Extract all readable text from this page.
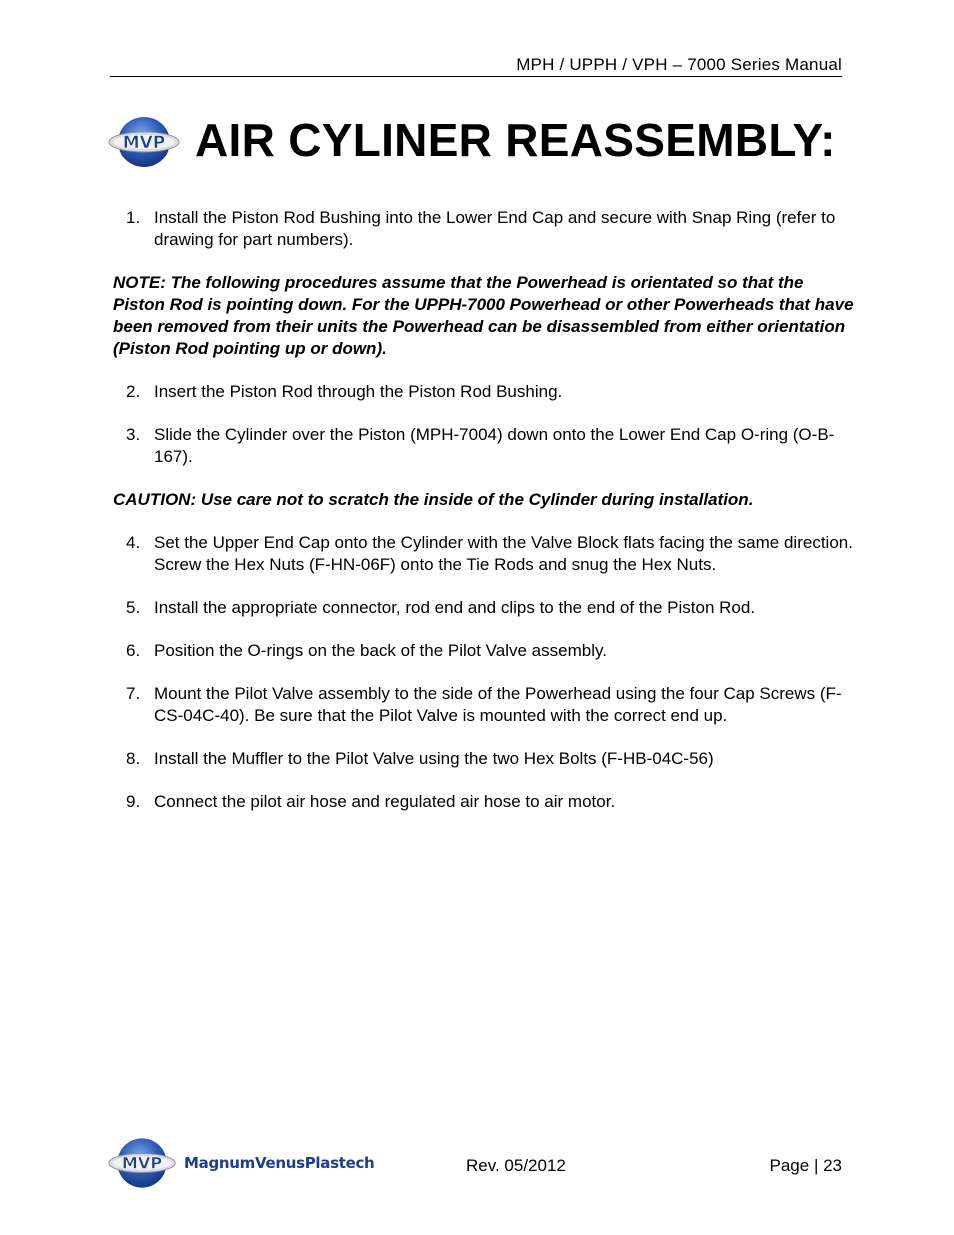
MPH / UPPH / VPH – 7000 Series Manual
MVP AIR CYLINER REASSEMBLY:
1. Install the Piston Rod Bushing into the Lower End Cap and secure with Snap Ring (refer to drawing for part numbers).
NOTE: The following procedures assume that the Powerhead is orientated so that the Piston Rod is pointing down. For the UPPH-7000 Powerhead or other Powerheads that have been removed from their units the Powerhead can be disassembled from either orientation (Piston Rod pointing up or down).
2. Insert the Piston Rod through the Piston Rod Bushing.
3. Slide the Cylinder over the Piston (MPH-7004) down onto the Lower End Cap O-ring (O-B-167).
CAUTION: Use care not to scratch the inside of the Cylinder during installation.
4. Set the Upper End Cap onto the Cylinder with the Valve Block flats facing the same direction. Screw the Hex Nuts (F-HN-06F) onto the Tie Rods and snug the Hex Nuts.
5. Install the appropriate connector, rod end and clips to the end of the Piston Rod.
6. Position the O-rings on the back of the Pilot Valve assembly.
7. Mount the Pilot Valve assembly to the side of the Powerhead using the four Cap Screws (F-CS-04C-40). Be sure that the Pilot Valve is mounted with the correct end up.
8. Install the Muffler to the Pilot Valve using the two Hex Bolts (F-HB-04C-56)
9. Connect the pilot air hose and regulated air hose to air motor.
MVP MagnumVenusPlastech	Rev. 05/2012	Page | 23
